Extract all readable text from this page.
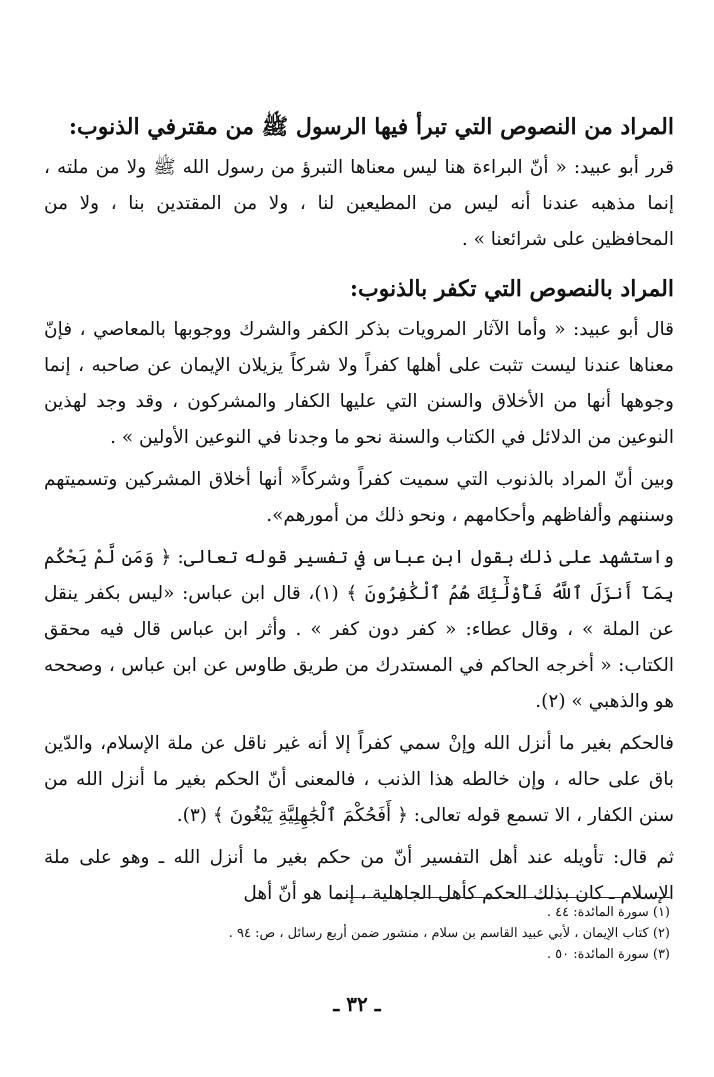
المراد من النصوص التي تبرأ فيها الرسول ﷺ من مقترفي الذنوب:

قرر أبو عبيد: « أنّ البراءة هنا ليس معناها التبرؤ من رسول الله ﷺ ولا من ملته ، إنما مذهبه عندنا أنه ليس من المطيعين لنا ، ولا من المقتدين بنا ، ولا من المحافظين على شرائعنا » .

المراد بالنصوص التي تكفر بالذنوب:

قال أبو عبيد: « وأما الآثار المرويات بذكر الكفر والشرك ووجوبها بالمعاصي ، فإنّ معناها عندنا ليست تثبت على أهلها كفراً ولا شركاً يزيلان الإيمان عن صاحبه ، إنما وجوهها أنها من الأخلاق والسنن التي عليها الكفار والمشركون ، وقد وجد لهذين النوعين من الدلائل في الكتاب والسنة نحو ما وجدنا في النوعين الأولين » .

وبين أنّ المراد بالذنوب التي سميت كفراً وشركاً« أنها أخلاق المشركين وتسميتهم وسننهم وألفاظهم وأحكامهم ، ونحو ذلك من أمورهم».

واستشهد على ذلك بقول ابن عباس في تفسير قوله تعالى: ﴿ وَمَن لَّمْ يَحْكُم بِمَآ أَنزَلَ ٱللَّهُ فَأُوْلَٰٓئِكَ هُمُ ٱلْكَٰفِرُونَ ﴾ (١)، قال ابن عباس: «ليس بكفر ينقل عن الملة » ، وقال عطاء: « كفر دون كفر » . وأثر ابن عباس قال فيه محقق الكتاب: « أخرجه الحاكم في المستدرك من طريق طاوس عن ابن عباس ، وصححه هو والذهبي » (٢).

فالحكم بغير ما أنزل الله وإنْ سمي كفراً إلا أنه غير ناقل عن ملة الإسلام، والدّين باق على حاله ، وإن خالطه هذا الذنب ، فالمعنى أنّ الحكم بغير ما أنزل الله من سنن الكفار ، الا تسمع قوله تعالى: ﴿ أَفَحُكْمَ ٱلْجَٰهِلِيَّةِ يَبْغُونَ ﴾ (٣).

ثم قال: تأويله عند أهل التفسير أنّ من حكم بغير ما أنزل الله ـ وهو على ملة الإسلام ـ كان بذلك الحكم كأهل الجاهلية ، إنما هو أنّ أهل

(١) سورة المائدة: ٤٤ .
(٢) كتاب الإيمان ، لأبي عبيد القاسم بن سلام ، منشور ضمن أربع رسائل ، ص: ٩٤ .
(٣) سورة المائدة: ٥٠ .
ـ ٣٢ ـ
